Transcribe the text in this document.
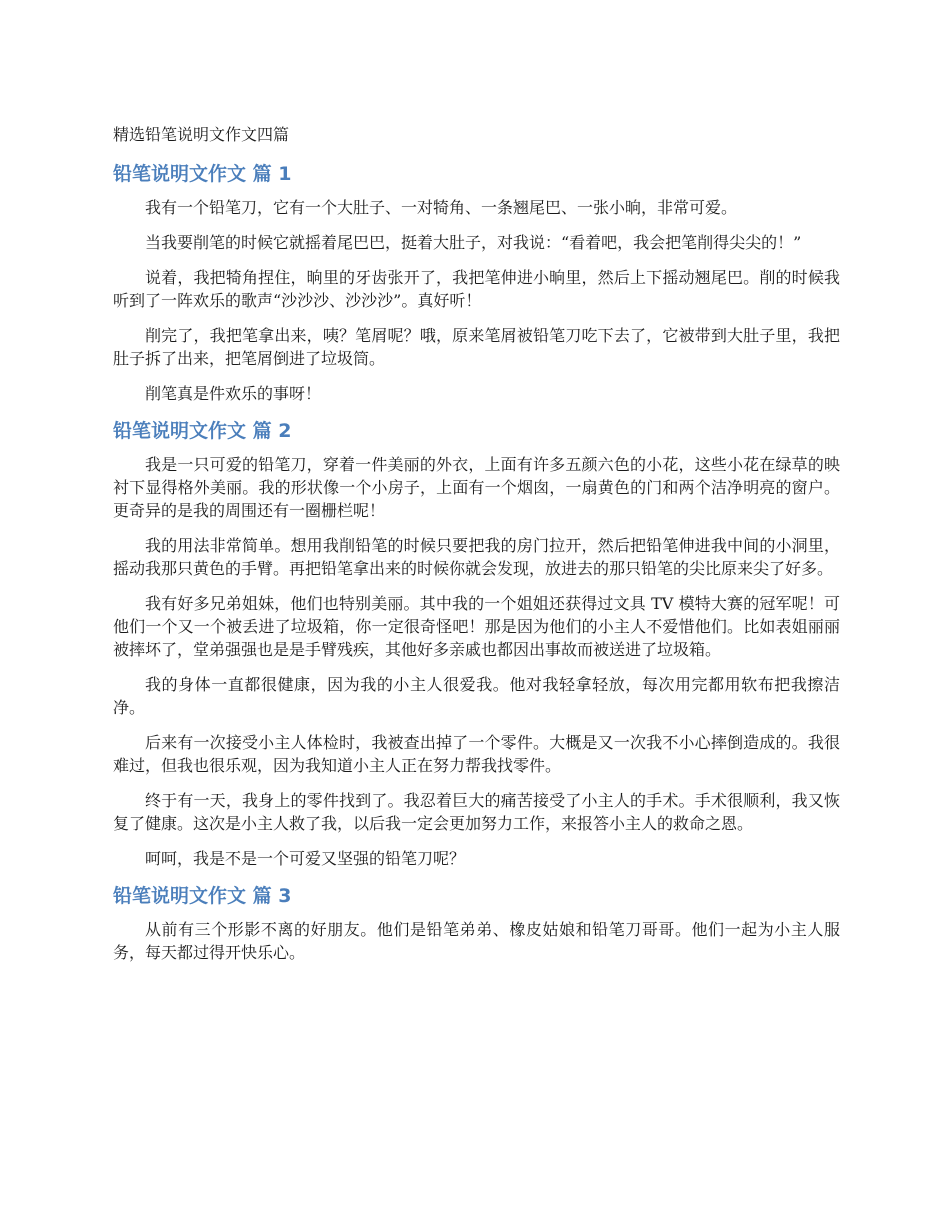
精选铅笔说明文作文四篇
铅笔说明文作文 篇 1

我有一个铅笔刀，它有一个大肚子、一对犄角、一条翘尾巴、一张小晌，非常可爱。

当我要削笔的时候它就摇着尾巴巴，挺着大肚子，对我说：“看着吧，我会把笔削得尖尖的！”

说着，我把犄角捏住，晌里的牙齿张开了，我把笔伸进小晌里，然后上下摇动翘尾巴。削的时候我听到了一阵欢乐的歌声“沙沙沙、沙沙沙”。真好听！

削完了，我把笔拿出来，咦？笔屑呢？哦，原来笔屑被铅笔刀吃下去了，它被带到大肚子里，我把肚子拆了出来，把笔屑倒进了垃圾筒。

削笔真是件欢乐的事呀！

铅笔说明文作文 篇 2

我是一只可爱的铅笔刀，穿着一件美丽的外衣，上面有许多五颜六色的小花，这些小花在绿草的映衬下显得格外美丽。我的形状像一个小房子，上面有一个烟囱，一扇黄色的门和两个洁净明亮的窗户。更奇异的是我的周围还有一圈栅栏呢！

我的用法非常简单。想用我削铅笔的时候只要把我的房门拉开，然后把铅笔伸进我中间的小洞里，摇动我那只黄色的手臂。再把铅笔拿出来的时候你就会发现，放进去的那只铅笔的尖比原来尖了好多。

我有好多兄弟姐妹，他们也特别美丽。其中我的一个姐姐还获得过文具 TV 模特大赛的冠军呢！可他们一个又一个被丢进了垃圾箱，你一定很奇怪吧！那是因为他们的小主人不爱惜他们。比如表姐丽丽被摔坏了，堂弟强强也是是手臂残疾，其他好多亲戚也都因出事故而被送进了垃圾箱。

我的身体一直都很健康，因为我的小主人很爱我。他对我轻拿轻放，每次用完都用软布把我擦洁净。

后来有一次接受小主人体检时，我被查出掉了一个零件。大概是又一次我不小心摔倒造成的。我很难过，但我也很乐观，因为我知道小主人正在努力帮我找零件。

终于有一天，我身上的零件找到了。我忍着巨大的痛苦接受了小主人的手术。手术很顺利，我又恢复了健康。这次是小主人救了我，以后我一定会更加努力工作，来报答小主人的救命之恩。

呵呵，我是不是一个可爱又坚强的铅笔刀呢？

铅笔说明文作文 篇 3

从前有三个形影不离的好朋友。他们是铅笔弟弟、橡皮姑娘和铅笔刀哥哥。他们一起为小主人服务，每天都过得开快乐心。
